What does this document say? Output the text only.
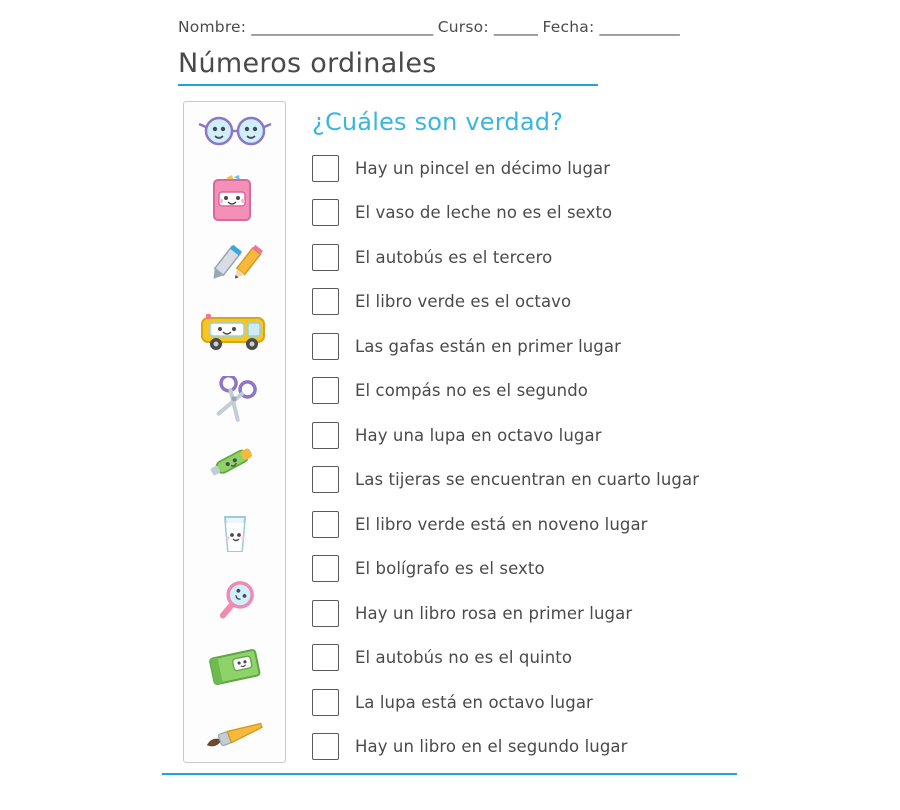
Nombre: _________________________ Curso: ______ Fecha: ___________
Números ordinales
¿Cuáles son verdad?
Hay un pincel en décimo lugar
El vaso de leche no es el sexto
El autobús es el tercero
El libro verde es el octavo
Las gafas están en primer lugar
El compás no es el segundo
Hay una lupa en octavo lugar
Las tijeras se encuentran en cuarto lugar
El libro verde está en noveno lugar
El bolígrafo es el sexto
Hay un libro rosa en primer lugar
El autobús no es el quinto
La lupa está en octavo lugar
Hay un libro en el segundo lugar
